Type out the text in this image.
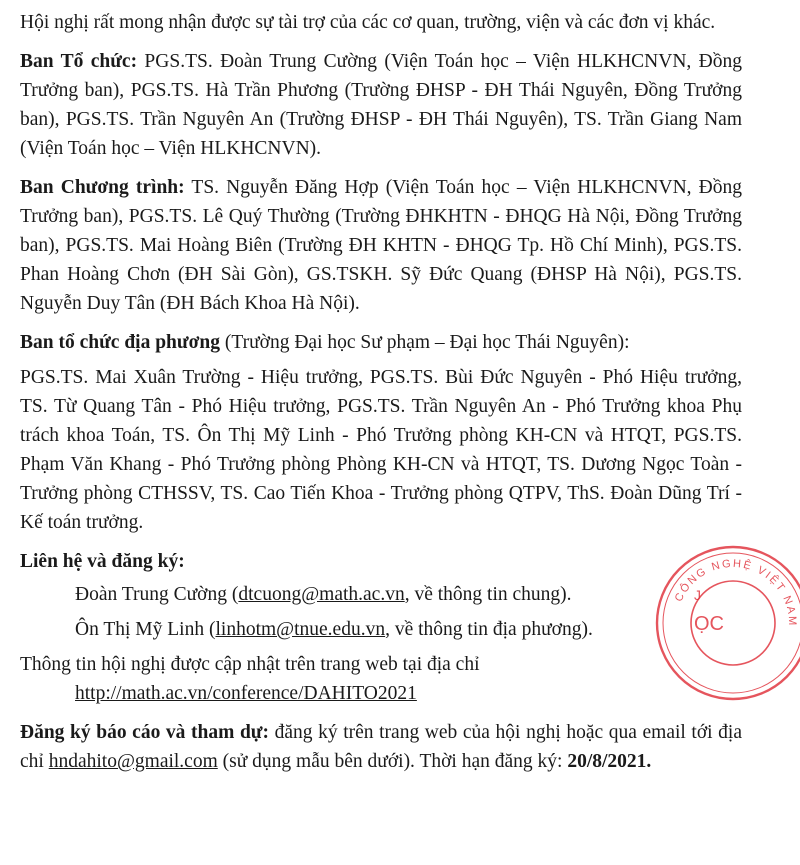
Hội nghị rất mong nhận được sự tài trợ của các cơ quan, trường, viện và các đơn vị khác.

Ban Tổ chức: PGS.TS. Đoàn Trung Cường (Viện Toán học – Viện HLKHCNVN, Đồng Trưởng ban), PGS.TS. Hà Trần Phương (Trường ĐHSP - ĐH Thái Nguyên, Đồng Trưởng ban), PGS.TS. Trần Nguyên An (Trường ĐHSP - ĐH Thái Nguyên), TS. Trần Giang Nam (Viện Toán học – Viện HLKHCNVN).

Ban Chương trình: TS. Nguyễn Đăng Hợp (Viện Toán học – Viện HLKHCNVN, Đồng Trưởng ban), PGS.TS. Lê Quý Thường (Trường ĐHKHTN - ĐHQG Hà Nội, Đồng Trưởng ban), PGS.TS. Mai Hoàng Biên (Trường ĐH KHTN - ĐHQG Tp. Hồ Chí Minh), PGS.TS. Phan Hoàng Chơn (ĐH Sài Gòn), GS.TSKH. Sỹ Đức Quang (ĐHSP Hà Nội), PGS.TS. Nguyễn Duy Tân (ĐH Bách Khoa Hà Nội).

Ban tổ chức địa phương (Trường Đại học Sư phạm – Đại học Thái Nguyên):

PGS.TS. Mai Xuân Trường - Hiệu trưởng, PGS.TS. Bùi Đức Nguyên - Phó Hiệu trưởng, TS. Từ Quang Tân - Phó Hiệu trưởng, PGS.TS. Trần Nguyên An - Phó Trưởng khoa Phụ trách khoa Toán, TS. Ôn Thị Mỹ Linh - Phó Trưởng phòng KH-CN và HTQT, PGS.TS. Phạm Văn Khang - Phó Trưởng phòng Phòng KH-CN và HTQT, TS. Dương Ngọc Toàn - Trưởng phòng CTHSSV, TS. Cao Tiến Khoa - Trưởng phòng QTPV, ThS. Đoàn Dũng Trí - Kế toán trưởng.

Liên hệ và đăng ký:

Đoàn Trung Cường (dtcuong@math.ac.vn, về thông tin chung).

Ôn Thị Mỹ Linh (linhotm@tnue.edu.vn, về thông tin địa phương).

Thông tin hội nghị được cập nhật trên trang web tại địa chỉ

http://math.ac.vn/conference/DAHITO2021

Đăng ký báo cáo và tham dự: đăng ký trên trang web của hội nghị hoặc qua email tới địa chỉ hndahito@gmail.com (sử dụng mẫu bên dưới). Thời hạn đăng ký: 20/8/2021.

CÔNG NGHỆ VIỆT NAM
ỌC
J
